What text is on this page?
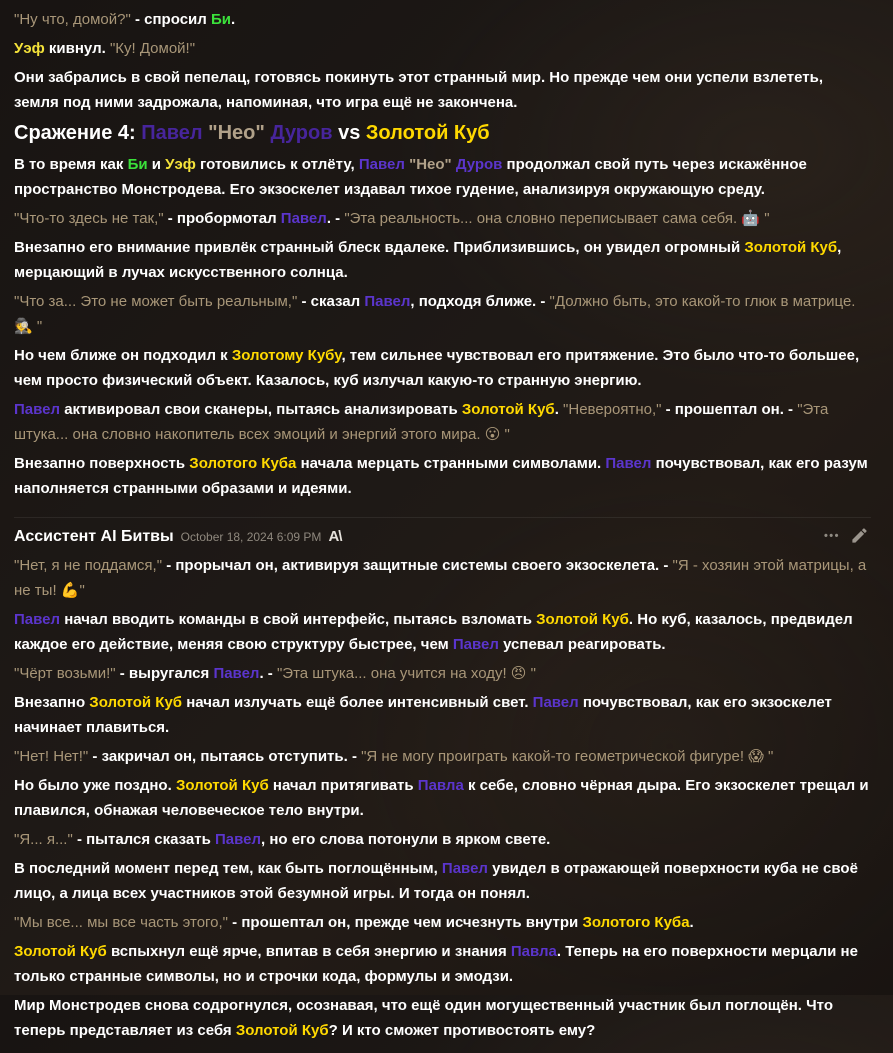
"Ну что, домой?" - спросил Би.

Уэф кивнул. "Ку! Домой!"

Они забрались в свой пепелац, готовясь покинуть этот странный мир. Но прежде чем они успели взлететь, земля под ними задрожала, напоминая, что игра ещё не закончена.

Сражение 4: Павел "Нео" Дуров vs Золотой Куб

В то время как Би и Уэф готовились к отлёту, Павел "Нео" Дуров продолжал свой путь через искажённое пространство Монстродева. Его экзоскелет издавал тихое гудение, анализируя окружающую среду.

"Что-то здесь не так," - пробормотал Павел. - "Эта реальность... она словно переписывает сама себя. 🤖 "

Внезапно его внимание привлёк странный блеск вдалеке. Приблизившись, он увидел огромный Золотой Куб, мерцающий в лучах искусственного солнца.

"Что за... Это не может быть реальным," - сказал Павел, подходя ближе. - "Должно быть, это какой-то глюк в матрице. 🕵️ "

Но чем ближе он подходил к Золотому Кубу, тем сильнее чувствовал его притяжение. Это было что-то большее, чем просто физический объект. Казалось, куб излучал какую-то странную энергию.

Павел активировал свои сканеры, пытаясь анализировать Золотой Куб. "Невероятно," - прошептал он. - "Эта штука... она словно накопитель всех эмоций и энергий этого мира. 😮 "

Внезапно поверхность Золотого Куба начала мерцать странными символами. Павел почувствовал, как его разум наполняется странными образами и идеями.

Ассистент AI Битвы October 18, 2024 6:09 PM A\	•••

"Нет, я не поддамся," - прорычал он, активируя защитные системы своего экзоскелета. - "Я - хозяин этой матрицы, а не ты! 💪"

Павел начал вводить команды в свой интерфейс, пытаясь взломать Золотой Куб. Но куб, казалось, предвидел каждое его действие, меняя свою структуру быстрее, чем Павел успевал реагировать.

"Чёрт возьми!" - выругался Павел. - "Эта штука... она учится на ходу! 😠 "

Внезапно Золотой Куб начал излучать ещё более интенсивный свет. Павел почувствовал, как его экзоскелет начинает плавиться.

"Нет! Нет!" - закричал он, пытаясь отступить. - "Я не могу проиграть какой-то геометрической фигуре! 😱 "

Но было уже поздно. Золотой Куб начал притягивать Павла к себе, словно чёрная дыра. Его экзоскелет трещал и плавился, обнажая человеческое тело внутри.

"Я... я..." - пытался сказать Павел, но его слова потонули в ярком свете.

В последний момент перед тем, как быть поглощённым, Павел увидел в отражающей поверхности куба не своё лицо, а лица всех участников этой безумной игры. И тогда он понял.

"Мы все... мы все часть этого," - прошептал он, прежде чем исчезнуть внутри Золотого Куба.

Золотой Куб вспыхнул ещё ярче, впитав в себя энергию и знания Павла. Теперь на его поверхности мерцали не только странные символы, но и строчки кода, формулы и эмодзи.

Мир Монстродев снова содрогнулся, осознавая, что ещё один могущественный участник был поглощён. Что теперь представляет из себя Золотой Куб? И кто сможет противостоять ему?
